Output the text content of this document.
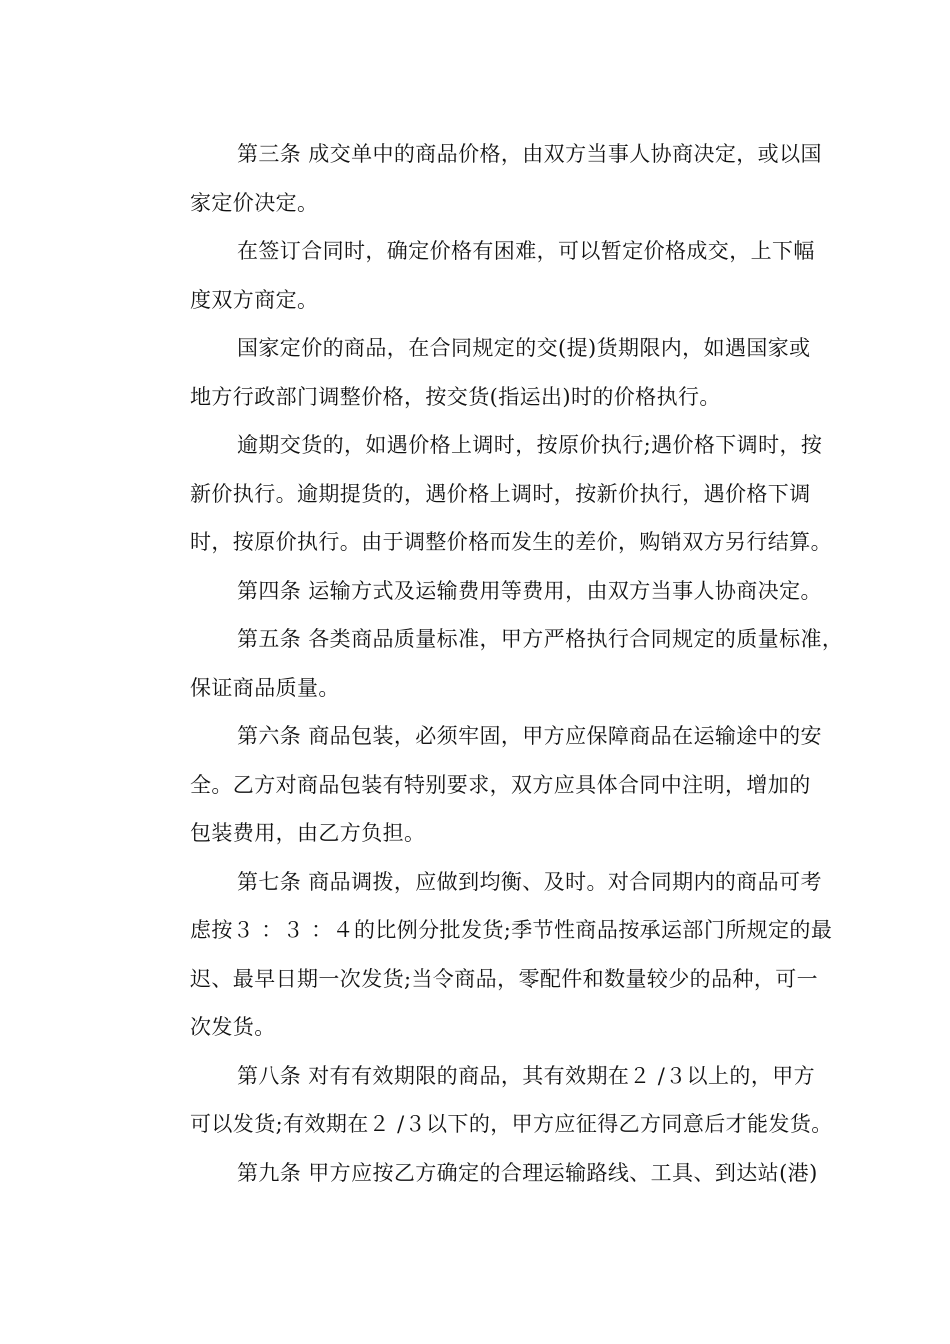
第三条 成交单中的商品价格，由双方当事人协商决定，或以国
家定价决定。
在签订合同时，确定价格有困难，可以暂定价格成交，上下幅
度双方商定。
国家定价的商品，在合同规定的交(提)货期限内，如遇国家或
地方行政部门调整价格，按交货(指运出)时的价格执行。
逾期交货的，如遇价格上调时，按原价执行;遇价格下调时，按
新价执行。逾期提货的，遇价格上调时，按新价执行，遇价格下调
时，按原价执行。由于调整价格而发生的差价，购销双方另行结算。
第四条 运输方式及运输费用等费用，由双方当事人协商决定。
第五条 各类商品质量标准，甲方严格执行合同规定的质量标准，
保证商品质量。
第六条 商品包装，必须牢固，甲方应保障商品在运输途中的安
全。乙方对商品包装有特别要求，双方应具体合同中注明，增加的
包装费用，由乙方负担。
第七条 商品调拨，应做到均衡、及时。对合同期内的商品可考
虑按３ ：３ ：４的比例分批发货;季节性商品按承运部门所规定的最
迟、最早日期一次发货;当令商品，零配件和数量较少的品种，可一
次发货。
第八条 对有有效期限的商品，其有效期在２ /３以上的，甲方
可以发货;有效期在２ /３以下的，甲方应征得乙方同意后才能发货。
第九条 甲方应按乙方确定的合理运输路线、工具、到达站(港)
